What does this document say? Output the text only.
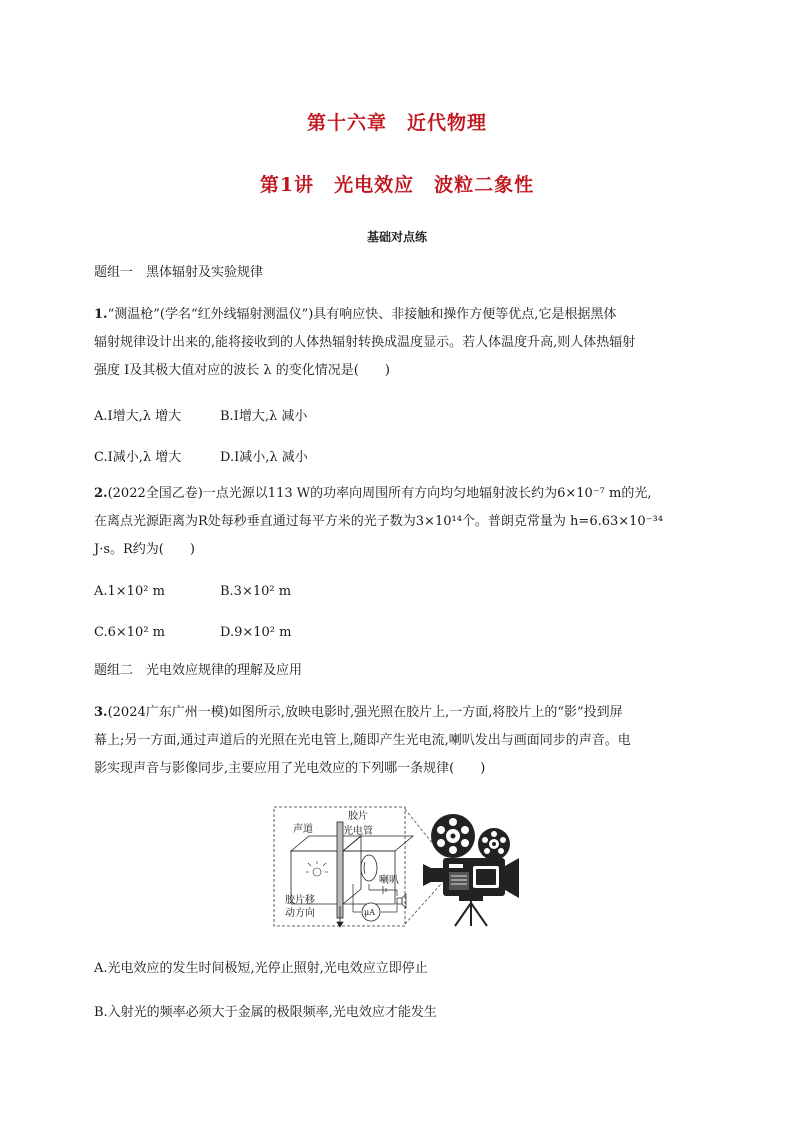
第十六章　近代物理
第1讲　光电效应　波粒二象性
基础对点练
题组一　黑体辐射及实验规律
1.“测温枪”(学名“红外线辐射测温仪”)具有响应快、非接触和操作方便等优点,它是根据黑体
辐射规律设计出来的,能将接收到的人体热辐射转换成温度显示。若人体温度升高,则人体热辐射
强度 I及其极大值对应的波长 λ 的变化情况是(　　)
A.I增大,λ 增大	B.I增大,λ 减小
C.I减小,λ 增大	D.I减小,λ 减小
2.(2022全国乙卷)一点光源以113 W的功率向周围所有方向均匀地辐射波长约为6×10⁻⁷ m的光,
在离点光源距离为R处每秒垂直通过每平方米的光子数为3×10¹⁴个。普朗克常量为 h=6.63×10⁻³⁴
J·s。R约为(　　)
A.1×10² m	B.3×10² m
C.6×10² m	D.9×10² m
题组二　光电效应规律的理解及应用
3.(2024广东广州一模)如图所示,放映电影时,强光照在胶片上,一方面,将胶片上的“影”投到屏
幕上;另一方面,通过声道后的光照在光电管上,随即产生光电流,喇叭发出与画面同步的声音。电
影实现声音与影像同步,主要应用了光电效应的下列哪一条规律(　　)
胶片
声道	光电管
胶片移
动方向
喇叭
μA
A.光电效应的发生时间极短,光停止照射,光电效应立即停止
B.入射光的频率必须大于金属的极限频率,光电效应才能发生
